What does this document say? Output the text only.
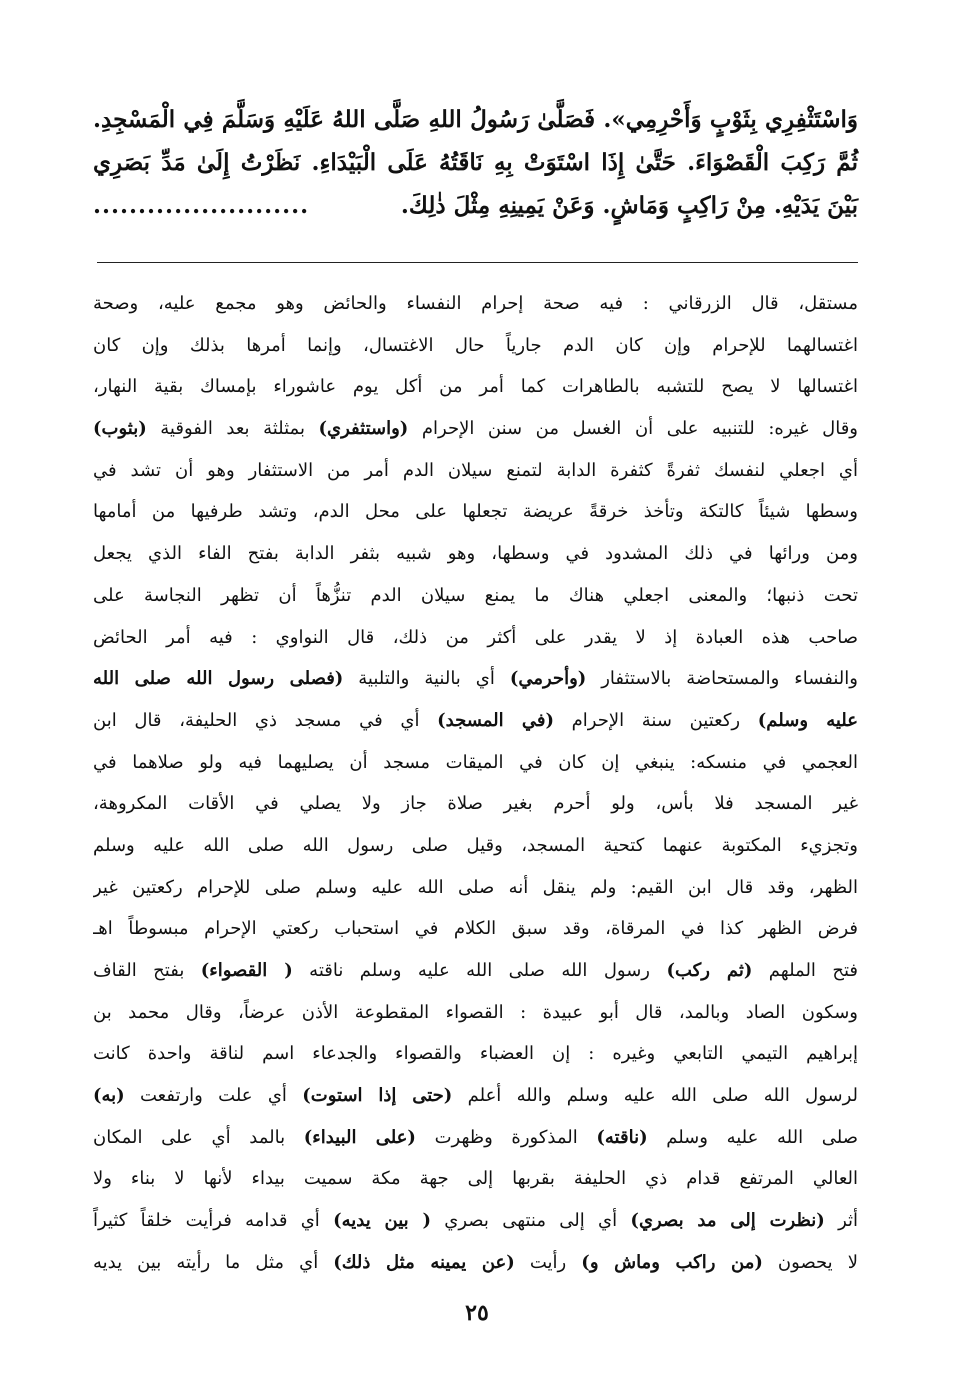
وَاسْتَثْفِرِي بِثَوْبٍ وَأَحْرِمِي». فَصَلَّىٰ رَسُولُ اللهِ صَلَّى اللهُ عَلَيْهِ وَسَلَّمَ فِي الْمَسْجِدِ.
ثُمَّ رَكِبَ الْقَصْوَاءَ. حَتَّىٰ إِذَا اسْتَوَتْ بِهِ نَاقَتُهُ عَلَى الْبَيْدَاءِ. نَظَرْتُ إِلَىٰ مَدِّ بَصَرِي
بَيْنَ يَدَيْهِ. مِنْ رَاكِبٍ وَمَاشٍ. وَعَنْ يَمِينِهِ مِثْلَ ذٰلِكَ.
........................
مستقل، قال الزرقاني : فيه صحة إحرام النفساء والحائض وهو مجمع عليه، وصحة
اغتسالهما للإحرام وإن كان الدم جارياً حال الاغتسال، وإنما أمرها بذلك وإن كان
اغتسالها لا يصح للتشبه بالطاهرات كما أمر من أكل يوم عاشوراء بإمساك بقية النهار،
وقال غيره: للتنبيه على أن الغسل من سنن الإحرام (واستثفري) بمثلثة بعد الفوقية (بثوب)
أي اجعلي لنفسك ثفرةً كثفرة الدابة لتمنع سيلان الدم أمر من الاستثفار وهو أن تشد في
وسطها شيئاً كالتكة وتأخذ خرقةً عريضة تجعلها على محل الدم، وتشد طرفيها من أمامها
ومن ورائها في ذلك المشدود في وسطها، وهو شبيه بثفر الدابة بفتح الفاء الذي يجعل
تحت ذنبها؛ والمعنى اجعلي هناك ما يمنع سيلان الدم تنزُّهاً أن تظهر النجاسة على
صاحب هذه العبادة إذ لا يقدر على أكثر من ذلك، قال النواوي : فيه أمر الحائض
والنفساء والمستحاضة بالاستثفار (وأحرمي) أي بالنية والتلبية (فصلى رسول الله صلى الله
عليه وسلم) ركعتين سنة الإحرام (في المسجد) أي في مسجد ذي الحليفة، قال ابن
العجمي في منسكه: ينبغي إن كان في الميقات مسجد أن يصليهما فيه ولو صلاهما في
غير المسجد فلا بأس، ولو أحرم بغير صلاة جاز ولا يصلي في الأقات المكروهة،
وتجزيء المكتوبة عنهما كتحية المسجد، وقيل صلى رسول الله صلى الله عليه وسلم
الظهر، وقد قال ابن القيم: ولم ينقل أنه صلى الله عليه وسلم صلى للإحرام ركعتين غير
فرض الظهر كذا في المرقاة، وقد سبق الكلام في استحباب ركعتي الإحرام مبسوطاً اهـ
فتح الملهم (ثم ركب) رسول الله صلى الله عليه وسلم ناقته ( القصواء) بفتح القاف
وسكون الصاد وبالمد، قال أبو عبيدة : القصواء المقطوعة الأذن عرضاً، وقال محمد بن
إبراهيم التيمي التابعي وغيره : إن العضباء والقصواء والجدعاء اسم لناقة واحدة كانت
لرسول الله صلى الله عليه وسلم والله أعلم (حتى إذا استوت) أي علت وارتفعت (به)
صلى الله عليه وسلم (ناقته) المذكورة وظهرت (على البيداء) بالمد أي على المكان
العالي المرتفع قدام ذي الحليفة بقربها إلى جهة مكة سميت بيداء لأنها لا بناء ولا
أثر (نظرت إلى مد بصري) أي إلى منتهى بصري ( بين يديه) أي قدامه فرأيت خلقاً كثيراً
لا يحصون (من راكب وماش و) رأيت (عن يمينه مثل ذلك) أي مثل ما رأيته بين يديه
٢٥
